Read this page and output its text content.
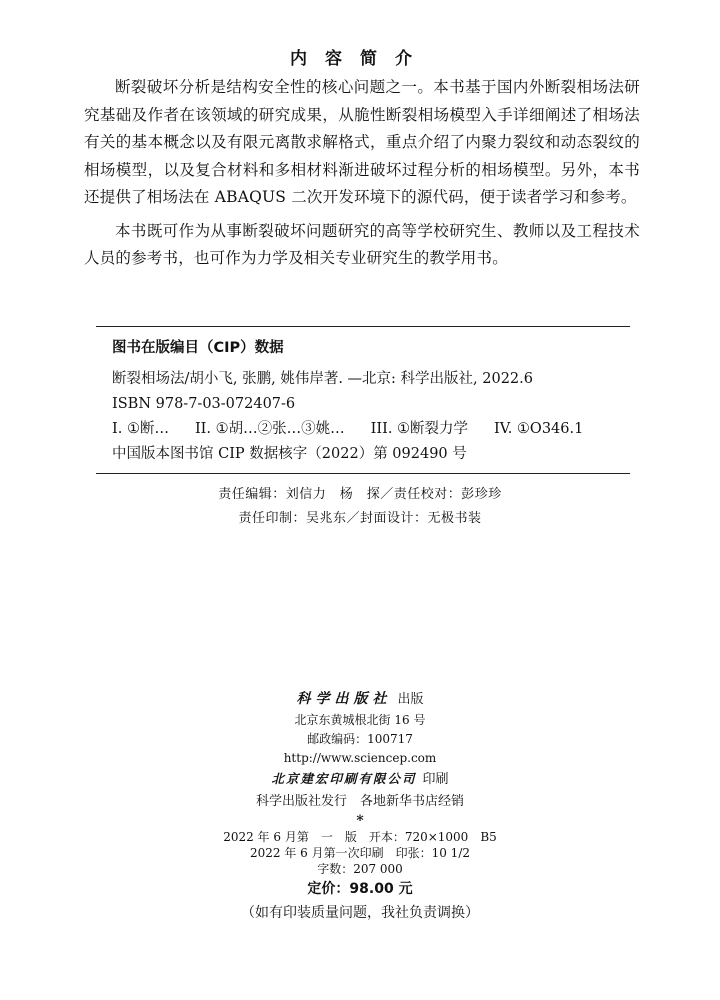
内容简介

断裂破坏分析是结构安全性的核心问题之一。本书基于国内外断裂相场法研究基础及作者在该领域的研究成果，从脆性断裂相场模型入手详细阐述了相场法有关的基本概念以及有限元离散求解格式，重点介绍了内聚力裂纹和动态裂纹的相场模型，以及复合材料和多相材料渐进破坏过程分析的相场模型。另外，本书还提供了相场法在 ABAQUS 二次开发环境下的源代码，便于读者学习和参考。

本书既可作为从事断裂破坏问题研究的高等学校研究生、教师以及工程技术人员的参考书，也可作为力学及相关专业研究生的教学用书。

图书在版编目（CIP）数据
断裂相场法/胡小飞, 张鹏, 姚伟岸著. —北京: 科学出版社, 2022.6
ISBN 978-7-03-072407-6
I. ①断… II. ①胡…②张…③姚… III. ①断裂力学 IV. ①O346.1
中国版本图书馆 CIP 数据核字（2022）第 092490 号
责任编辑：刘信力　杨　探／责任校对：彭珍珍
责任印制：吴兆东／封面设计：无极书装
科学出版社 出版
北京东黄城根北街 16 号
邮政编码：100717
http://www.sciencep.com
北京建宏印刷有限公司 印刷
科学出版社发行　各地新华书店经销
*
2022 年 6 月第　一　版　开本：720×1000　B5
2022 年 6 月第一次印刷　印张：10 1/2
字数：207 000
定价：98.00 元
（如有印装质量问题，我社负责调换）
